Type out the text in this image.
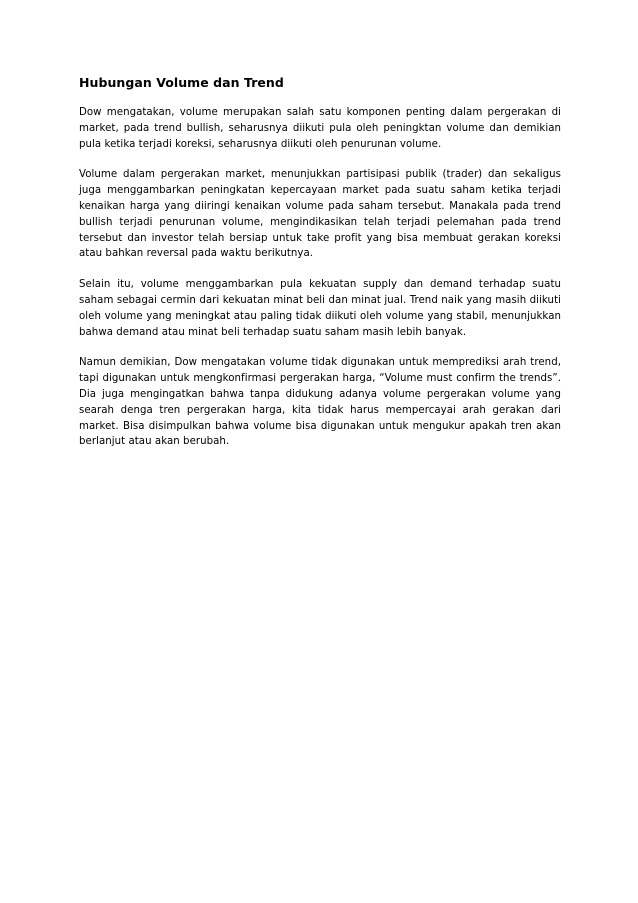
Hubungan Volume dan Trend

Dow mengatakan, volume merupakan salah satu komponen penting dalam pergerakan di market, pada trend bullish, seharusnya diikuti pula oleh peningktan volume dan demikian pula ketika terjadi koreksi, seharusnya diikuti oleh penurunan volume.

Volume dalam pergerakan market, menunjukkan partisipasi publik (trader) dan sekaligus juga menggambarkan peningkatan kepercayaan market pada suatu saham ketika terjadi kenaikan harga yang diiringi kenaikan volume pada saham tersebut. Manakala pada trend bullish terjadi penurunan volume, mengindikasikan telah terjadi pelemahan pada trend tersebut dan investor telah bersiap untuk take profit yang bisa membuat gerakan koreksi atau bahkan reversal pada waktu berikutnya.

Selain itu, volume menggambarkan pula kekuatan supply dan demand terhadap suatu saham sebagai cermin dari kekuatan minat beli dan minat jual. Trend naik yang masih diikuti oleh volume yang meningkat atau paling tidak diikuti oleh volume yang stabil, menunjukkan bahwa demand atau minat beli terhadap suatu saham masih lebih banyak.

Namun demikian, Dow mengatakan volume tidak digunakan untuk memprediksi arah trend, tapi digunakan untuk mengkonfirmasi pergerakan harga, “Volume must confirm the trends”. Dia juga mengingatkan bahwa tanpa didukung adanya volume pergerakan volume yang searah denga tren pergerakan harga, kita tidak harus mempercayai arah gerakan dari market. Bisa disimpulkan bahwa volume bisa digunakan untuk mengukur apakah tren akan berlanjut atau akan berubah.
